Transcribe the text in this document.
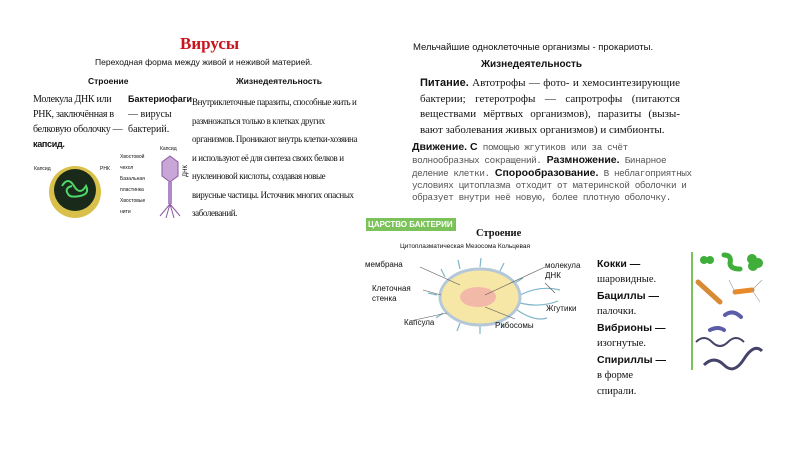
Вирусы
Переходная форма между живой и неживой материей.
Строение	Жизнедеятельность
Молекула ДНК или
РНК, заключённая в
белковую оболочку —
капсид.
Бактериофаги
— вирусы
бактерий.
Внутриклеточные паразиты, способные жить и
размножаться только в клетках других
организмов. Проникают внутрь клетки-хозяина
и используют её для синтеза своих белков и
нуклеиновой кислоты, создавая новые
вирусные частицы. Источник многих опасных
заболеваний.
Капсид	РНК
Хвостовой чехол
Базальная пластинка
Хвостовые нити
Капсид
ДНК
Мельчайшие одноклеточные организмы - прокариоты.
Жизнедеятельность
Питание. Автотрофы — фото- и хемосинтезирующие
бактерии; гетеротрофы — сапротрофы (питаются
веществами мёртвых организмов), паразиты (вызы-
вают заболевания живых организмов) и симбионты.
Движение. С помощью жгутиков или за счёт волнообразных сокращений. Размножение. Бинарное деление клетки. Спорообразование. В неблагоприятных условиях цитоплазма отходит от материнской оболочки и образует внутри неё новую, более плотную оболочку.
ЦАРСТВО БАКТЕРИИ
Строение
Цитоплазматическая Мезосома Кольцевая
мембрана
Клеточная стенка
Капсула
молекула ДНК
Жгутики
Рибосомы
Кокки —
шаровидные.
Бациллы —
палочки.
Вибрионы —
изогнутые.
Спириллы —
в форме спирали.
